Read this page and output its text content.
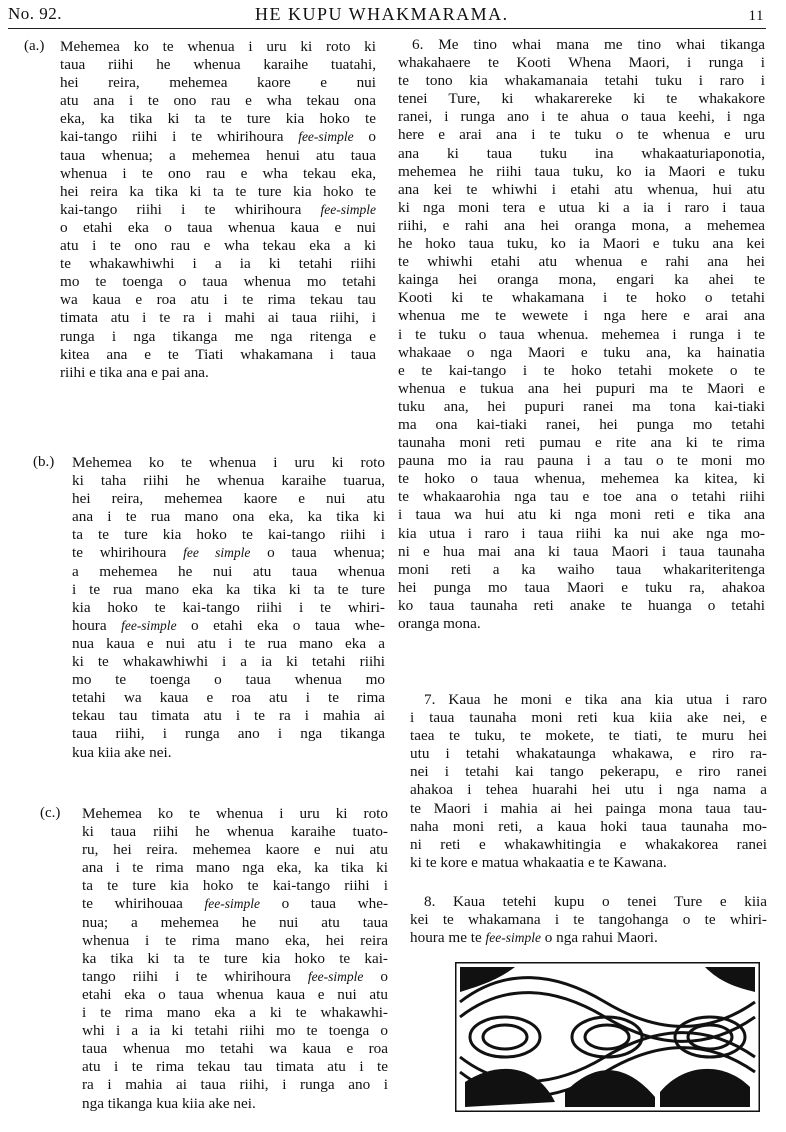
No. 92.	HE KUPU WHAKMARAMA.	11
(a.) Mehemea ko te whenua i uru ki roto ki
taua riihi he whenua karaihe tuatahi,
hei reira, mehemea kaore e nui
atu ana i te ono rau e wha tekau ona
eka, ka tika ki ta te ture kia hoko te
kai-tango riihi i te whirihoura fee-simple o
taua whenua; a mehemea henui atu taua
whenua i te ono rau e wha tekau eka,
hei reira ka tika ki ta te ture kia hoko te
kai-tango riihi i te whirihoura fee-simple
o etahi eka o taua whenua kaua e nui
atu i te ono rau e wha tekau eka a ki
te whakawhiwhi i a ia ki tetahi riihi
mo te toenga o taua whenua mo tetahi
wa kaua e roa atu i te rima tekau tau
timata atu i te ra i mahi ai taua riihi, i
runga i nga tikanga me nga ritenga e
kitea ana e te Tiati whakamana i taua
riihi e tika ana e pai ana.
(b.) Mehemea ko te whenua i uru ki roto
ki taha riihi he whenua karaihe tuarua,
hei reira, mehemea kaore e nui atu
ana i te rua mano ona eka, ka tika ki
ta te ture kia hoko te kai-tango riihi i
te whirihoura fee simple o taua whenua;
a mehemea he nui atu taua whenua
i te rua mano eka ka tika ki ta te ture
kia hoko te kai-tango riihi i te whiri-
houra fee-simple o etahi eka o taua whe-
nua kaua e nui atu i te rua mano eka a
ki te whakawhiwhi i a ia ki tetahi riihi
mo te toenga o taua whenua mo
tetahi wa kaua e roa atu i te rima
tekau tau timata atu i te ra i mahia ai
taua riihi, i runga ano i nga tikanga
kua kiia ake nei.
(c.) Mehemea ko te whenua i uru ki roto
ki taua riihi he whenua karaihe tuato-
ru, hei reira. mehemea kaore e nui atu
ana i te rima mano nga eka, ka tika ki
ta te ture kia hoko te kai-tango riihi i
te whirihouaa fee-simple o taua whe-
nua; a mehemea he nui atu taua
whenua i te rima mano eka, hei reira
ka tika ki ta te ture kia hoko te kai-
tango riihi i te whirihoura fee-simple o
etahi eka o taua whenua kaua e nui atu
i te rima mano eka a ki te whakawhi-
whi i a ia ki tetahi riihi mo te toenga o
taua whenua mo tetahi wa kaua e roa
atu i te rima tekau tau timata atu i te
ra i mahia ai taua riihi, i runga ano i
nga tikanga kua kiia ake nei.
6. Me tino whai mana me tino whai tikanga
whakahaere te Kooti Whena Maori, i runga i
te tono kia whakamanaia tetahi tuku i raro i
tenei Ture, ki whakarereke ki te whakakore
ranei, i runga ano i te ahua o taua keehi, i nga
here e arai ana i te tuku o te whenua e uru
ana ki taua tuku ina whakaaturiaponotia,
mehemea he riihi taua tuku, ko ia Maori e tuku
ana kei te whiwhi i etahi atu whenua, hui atu
ki nga moni tera e utua ki a ia i raro i taua
riihi, e rahi ana hei oranga mona, a mehemea
he hoko taua tuku, ko ia Maori e tuku ana kei
te whiwhi etahi atu whenua e rahi ana hei
kainga hei oranga mona, engari ka ahei te
Kooti ki te whakamana i te hoko o tetahi
whenua me te wewete i nga here e arai ana
i te tuku o taua whenua. mehemea i runga i te
whakaae o nga Maori e tuku ana, ka hainatia
e te kai-tango i te hoko tetahi mokete o te
whenua e tukua ana hei pupuri ma te Maori e
tuku ana, hei pupuri ranei ma tona kai-tiaki
ma ona kai-tiaki ranei, hei punga mo tetahi
taunaha moni reti pumau e rite ana ki te rima
pauna mo ia rau pauna i a tau o te moni mo
te hoko o taua whenua, mehemea ka kitea, ki
te whakaarohia nga tau e toe ana o tetahi riihi
i taua wa hui atu ki nga moni reti e tika ana
kia utua i raro i taua riihi ka nui ake nga mo-
ni e hua mai ana ki taua Maori i taua taunaha
moni reti a ka waiho taua whakariteritenga
hei punga mo taua Maori e tuku ra, ahakoa
ko taua taunaha reti anake te huanga o tetahi
oranga mona.
7. Kaua he moni e tika ana kia utua i raro
i taua taunaha moni reti kua kiia ake nei, e
taea te tuku, te mokete, te tiati, te muru hei
utu i tetahi whakataunga whakawa, e riro ra-
nei i tetahi kai tango pekerapu, e riro ranei
ahakoa i tehea huarahi hei utu i nga nama a
te Maori i mahia ai hei painga mona taua tau-
naha moni reti, a kaua hoki taua taunaha mo-
ni reti e whakawhitingia e whakakorea ranei
ki te kore e matua whakaatia e te Kawana.
8. Kaua tetehi kupu o tenei Ture e kiia
kei te whakamana i te tangohanga o te whiri-
houra me te fee-simple o nga rahui Maori.
